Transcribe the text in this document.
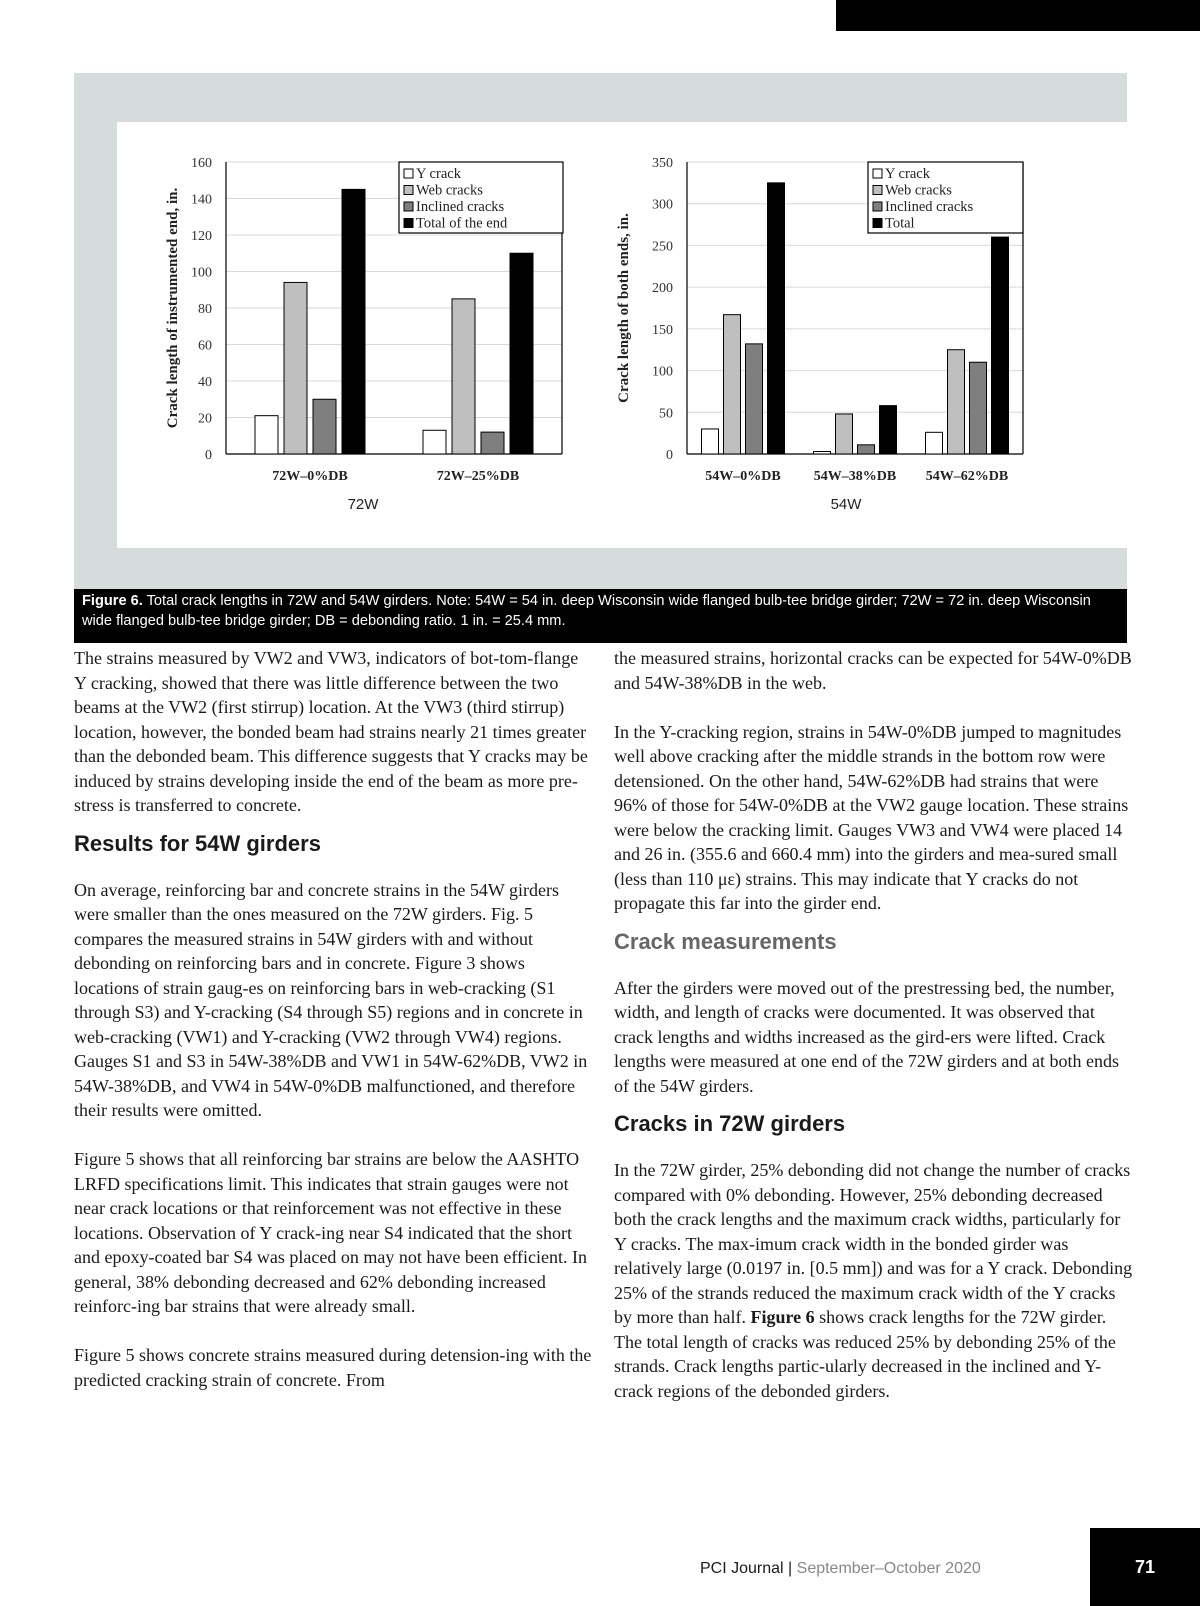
0
20
40
60
80
100
120
140
160
Crack length of instrumented end, in.
72W–0%DB	72W–25%DB
72W
Y crack
Web cracks
Inclined cracks
Total of the end
0
50
100
150
200
250
300
350
Crack length of both ends, in.
54W–0%DB 54W–38%DB 54W–62%DB
54W
Y crack
Web cracks
Inclined cracks
Total
Figure 6. Total crack lengths in 72W and 54W girders. Note: 54W = 54 in. deep Wisconsin wide flanged bulb-tee bridge girder; 72W = 72 in. deep Wisconsin wide flanged bulb-tee bridge girder; DB = debonding ratio. 1 in. = 25.4 mm.

The strains measured by VW2 and VW3, indicators of bot-tom-flange Y cracking, showed that there was little difference between the two beams at the VW2 (first stirrup) location. At the VW3 (third stirrup) location, however, the bonded beam had strains nearly 21 times greater than the debonded beam. This difference suggests that Y cracks may be induced by strains developing inside the end of the beam as more pre-stress is transferred to concrete.

Results for 54W girders

On average, reinforcing bar and concrete strains in the 54W girders were smaller than the ones measured on the 72W girders. Fig. 5 compares the measured strains in 54W girders with and without debonding on reinforcing bars and in concrete. Figure 3 shows locations of strain gaug-es on reinforcing bars in web-cracking (S1 through S3) and Y-cracking (S4 through S5) regions and in concrete in web-cracking (VW1) and Y-cracking (VW2 through VW4) regions. Gauges S1 and S3 in 54W-38%DB and VW1 in 54W-62%DB, VW2 in 54W-38%DB, and VW4 in 54W-0%DB malfunctioned, and therefore their results were omitted.

Figure 5 shows that all reinforcing bar strains are below the AASHTO LRFD specifications limit. This indicates that strain gauges were not near crack locations or that reinforcement was not effective in these locations. Observation of Y crack-ing near S4 indicated that the short and epoxy-coated bar S4 was placed on may not have been efficient. In general, 38% debonding decreased and 62% debonding increased reinforc-ing bar strains that were already small.

Figure 5 shows concrete strains measured during detension-ing with the predicted cracking strain of concrete. From

the measured strains, horizontal cracks can be expected for 54W-0%DB and 54W-38%DB in the web.

In the Y-cracking region, strains in 54W-0%DB jumped to magnitudes well above cracking after the middle strands in the bottom row were detensioned. On the other hand, 54W-62%DB had strains that were 96% of those for 54W-0%DB at the VW2 gauge location. These strains were below the cracking limit. Gauges VW3 and VW4 were placed 14 and 26 in. (355.6 and 660.4 mm) into the girders and mea-sured small (less than 110 με) strains. This may indicate that Y cracks do not propagate this far into the girder end.

Crack measurements

After the girders were moved out of the prestressing bed, the number, width, and length of cracks were documented. It was observed that crack lengths and widths increased as the gird-ers were lifted. Crack lengths were measured at one end of the 72W girders and at both ends of the 54W girders.

Cracks in 72W girders

In the 72W girder, 25% debonding did not change the number of cracks compared with 0% debonding. However, 25% debonding decreased both the crack lengths and the maximum crack widths, particularly for Y cracks. The max-imum crack width in the bonded girder was relatively large (0.0197 in. [0.5 mm]) and was for a Y crack. Debonding 25% of the strands reduced the maximum crack width of the Y cracks by more than half. Figure 6 shows crack lengths for the 72W girder. The total length of cracks was reduced 25% by debonding 25% of the strands. Crack lengths partic-ularly decreased in the inclined and Y-crack regions of the debonded girders.

PCI Journal | September–October 2020	71
